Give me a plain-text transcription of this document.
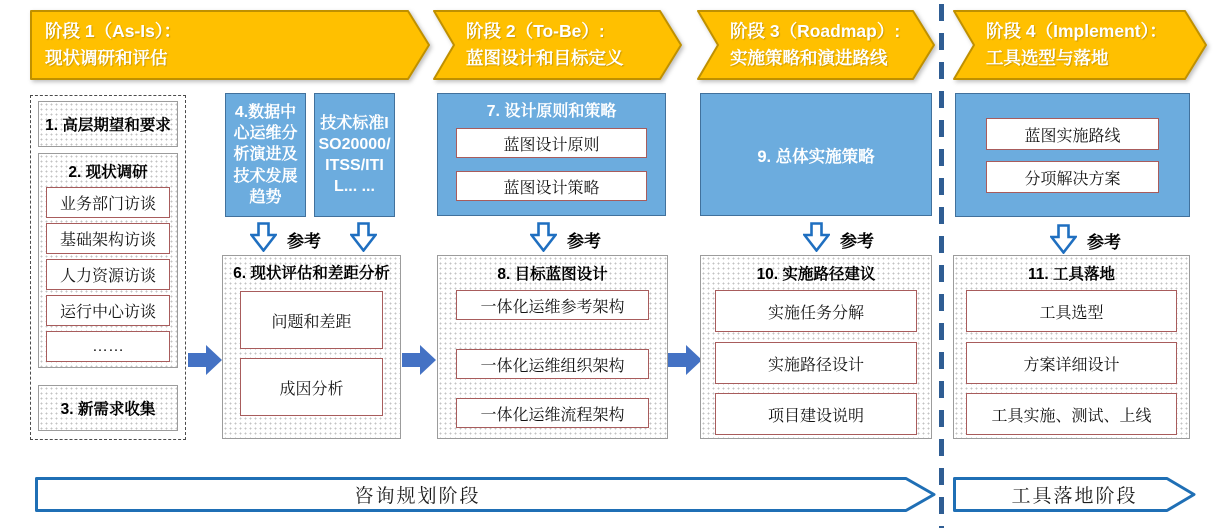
阶段 1（As-Is）：
现状调研和评估
阶段 2（To-Be）:
蓝图设计和目标定义
阶段 3（Roadmap）:
实施策略和演进路线
阶段 4（Implement）：
工具选型与落地
1. 高层期望和要求
2. 现状调研
业务部门访谈
基础架构访谈
人力资源访谈
运行中心访谈
……
3. 新需求收集
4.数据中心运维分析演进及技术发展趋势
技术标准ISO20000/ITSS/ITIL... ...
参考
6. 现状评估和差距分析
问题和差距
成因分析
7. 设计原则和策略
蓝图设计原则
蓝图设计策略
参考
8. 目标蓝图设计
一体化运维参考架构
一体化运维组织架构
一体化运维流程架构
9. 总体实施策略
参考
10. 实施路径建议
实施任务分解
实施路径设计
项目建设说明
蓝图实施路线
分项解决方案
参考
11. 工具落地
工具选型
方案详细设计
工具实施、测试、上线
咨询规划阶段	工具落地阶段
